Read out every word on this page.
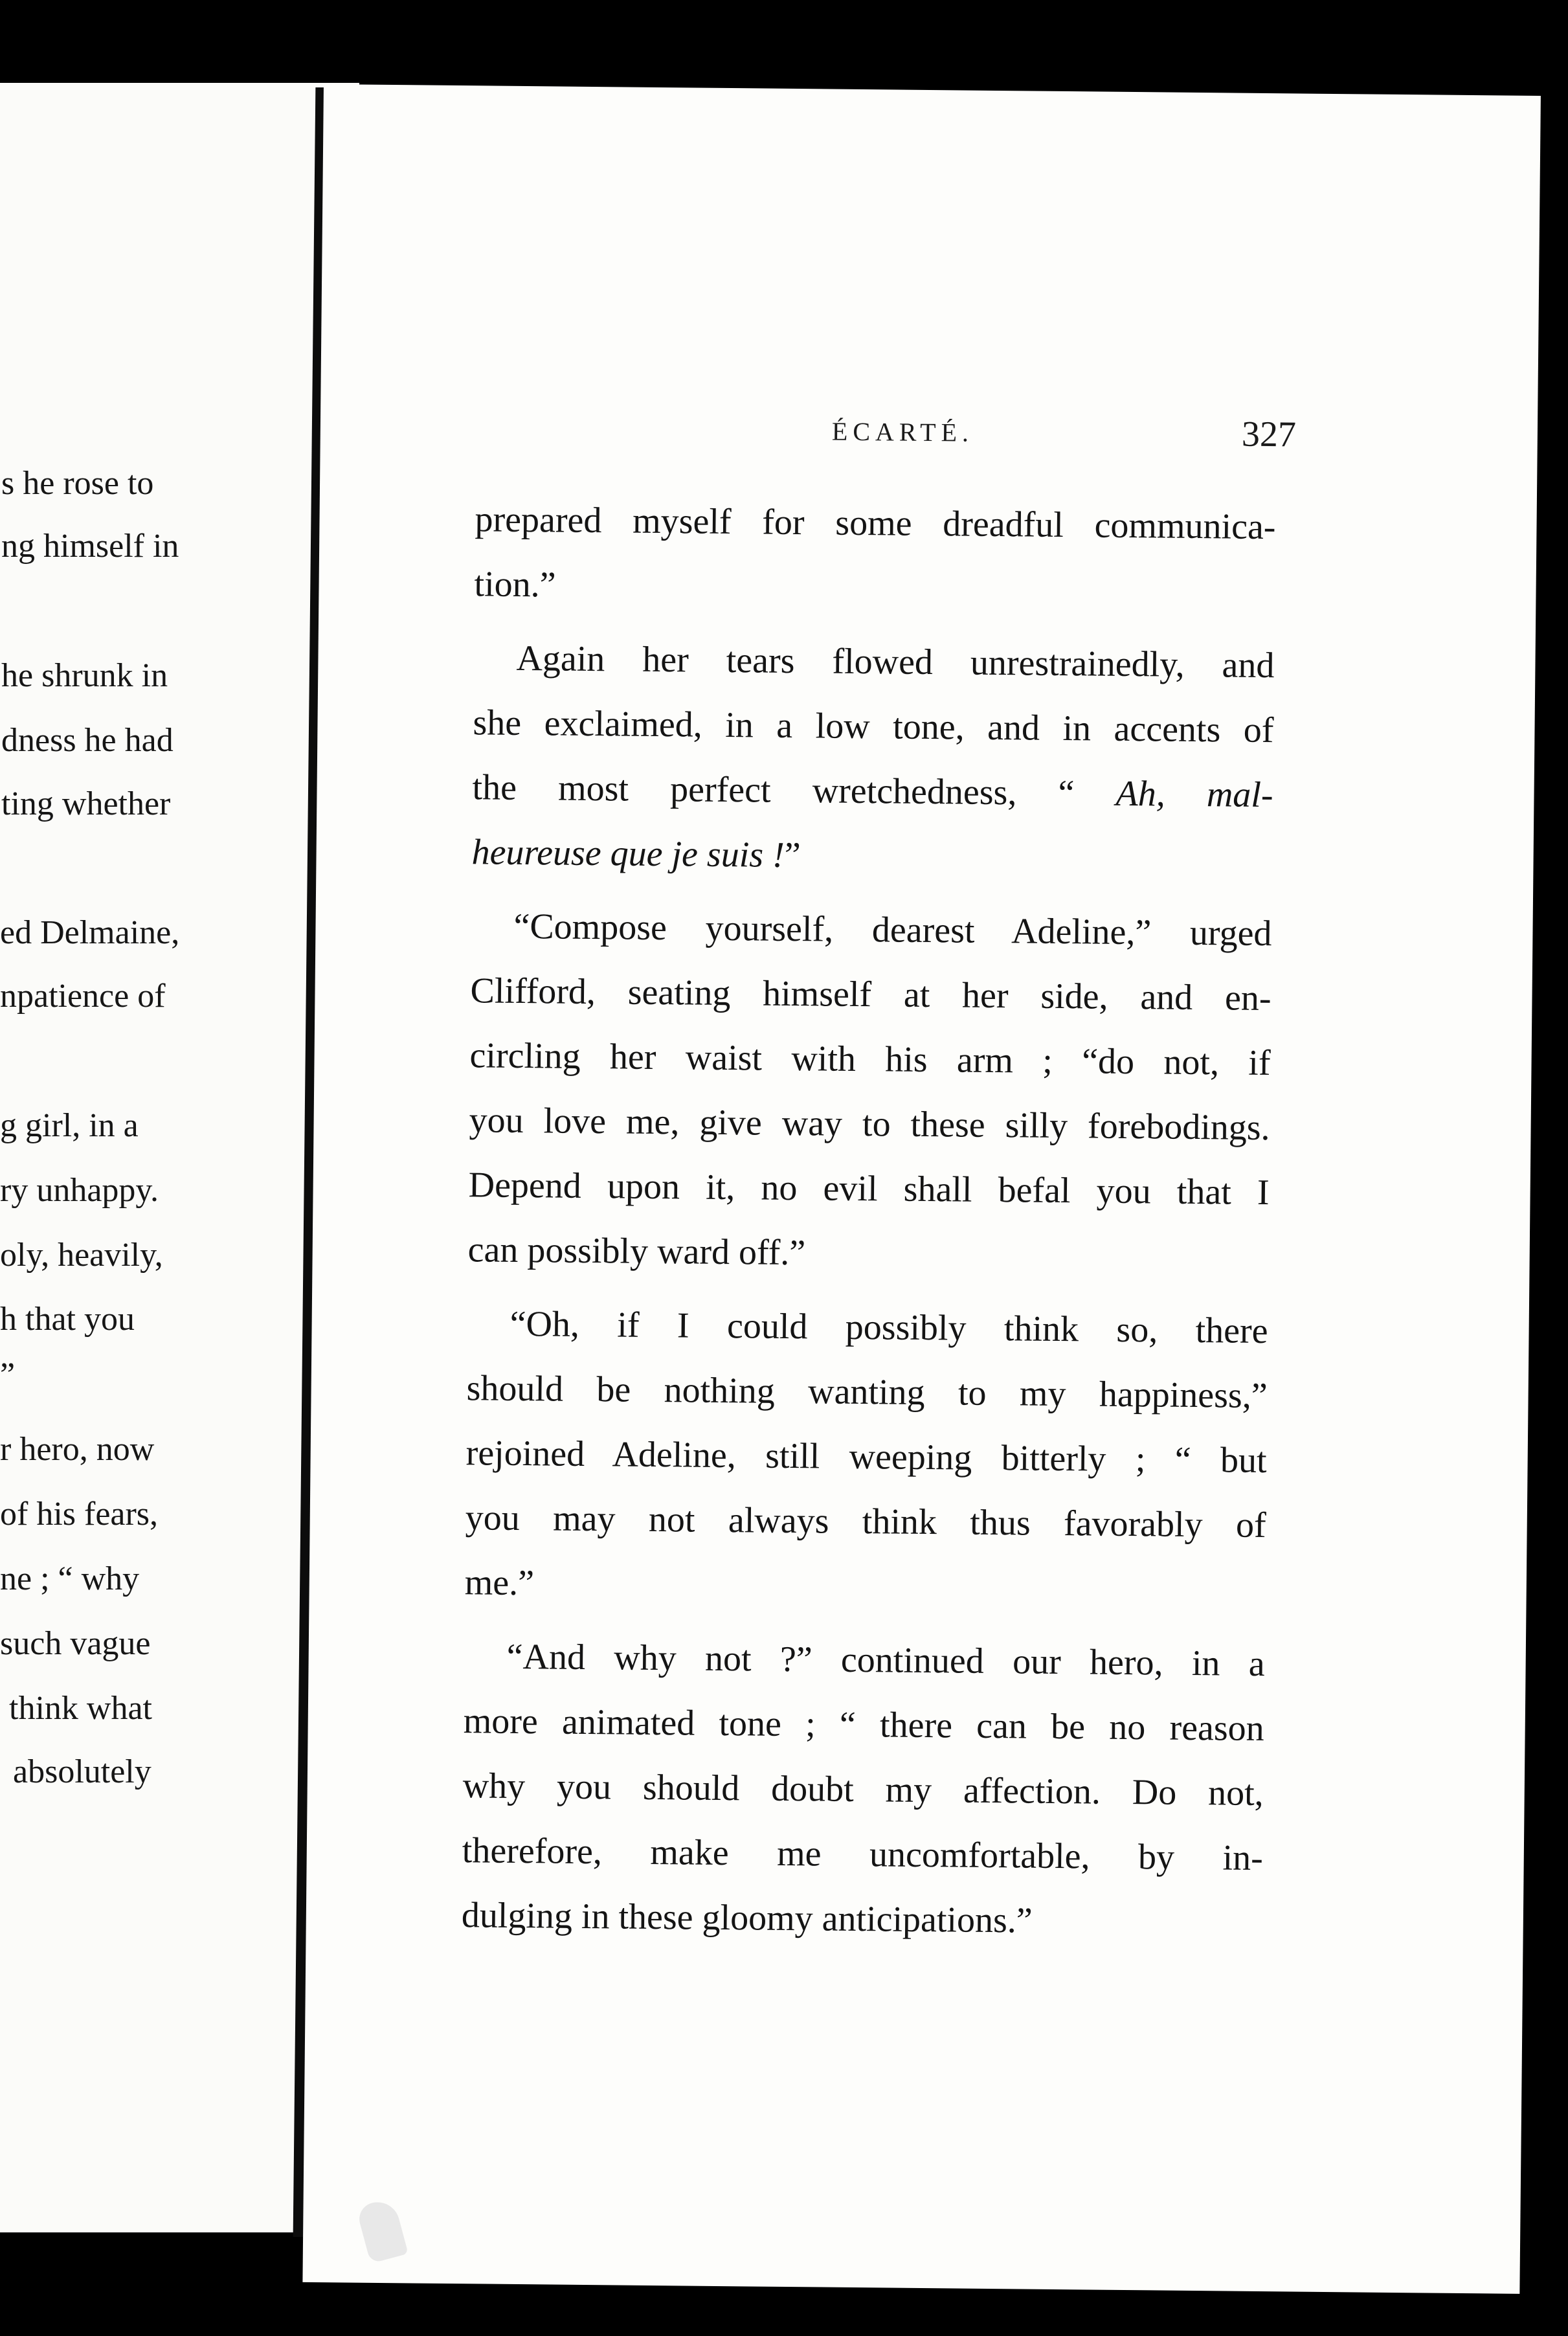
s he rose to
ng himself in
he shrunk in
dness he had
ting whether
ed Delmaine,
npatience of
g girl, in a
ry unhappy.
oly, heavily,
h that you
”
r hero, now
of his fears,
ne ; “ why
such vague
think what
absolutely
ÉCARTÉ.	327
prepared myself for some dreadful communica-
tion.”
Again her tears flowed unrestrainedly, and
she exclaimed, in a low tone, and in accents of
the most perfect wretchedness, “ Ah, mal-
heureuse que je suis !”
“Compose yourself, dearest Adeline,” urged
Clifford, seating himself at her side, and en-
circling her waist with his arm ; “do not, if
you love me, give way to these silly forebodings.
Depend upon it, no evil shall befal you that I
can possibly ward off.”
“Oh, if I could possibly think so, there
should be nothing wanting to my happiness,”
rejoined Adeline, still weeping bitterly ; “ but
you may not always think thus favorably of
me.”
“And why not ?” continued our hero, in a
more animated tone ; “ there can be no reason
why you should doubt my affection. Do not,
therefore, make me uncomfortable, by in-
dulging in these gloomy anticipations.”
